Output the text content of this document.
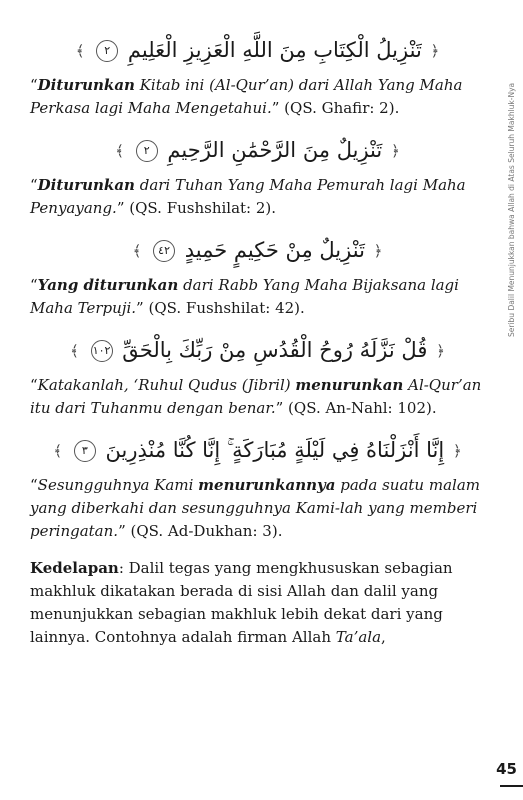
Seribu Dalil Menunjukkan bahwa Allah di Atas Seluruh Makhluk-Nya
﴿ تَنْزِيلُ الْكِتَابِ مِنَ اللَّهِ الْعَزِيزِ الْعَلِيمِ ٢ ﴾

“Diturunkan Kitab ini (Al-Qur’an) dari Allah Yang Maha Perkasa lagi Maha Mengetahui.” (QS. Ghafir: 2).

﴿ تَنْزِيلٌ مِنَ الرَّحْمَٰنِ الرَّحِيمِ ٢ ﴾

“Diturunkan dari Tuhan Yang Maha Pemurah lagi Maha Penyayang.” (QS. Fushshilat: 2).

﴿ تَنْزِيلٌ مِنْ حَكِيمٍ حَمِيدٍ ٤٢ ﴾

“Yang diturunkan dari Rabb Yang Maha Bijaksana lagi Maha Terpuji.” (QS. Fushshilat: 42).

﴿ قُلْ نَزَّلَهُ رُوحُ الْقُدُسِ مِنْ رَبِّكَ بِالْحَقِّ ١٠٢ ﴾

“Katakanlah, ‘Ruhul Qudus (Jibril) menurunkan Al-Qur’an itu dari Tuhanmu dengan benar.” (QS. An-Nahl: 102).

﴿ إِنَّا أَنْزَلْنَاهُ فِي لَيْلَةٍ مُبَارَكَةٍ ۚ إِنَّا كُنَّا مُنْذِرِينَ ٣ ﴾

“Sesungguhnya Kami menurunkannya pada suatu malam yang diberkahi dan sesungguhnya Kami-lah yang memberi peringatan.” (QS. Ad-Dukhan: 3).

Kedelapan: Dalil tegas yang mengkhususkan sebagian makhluk dikatakan berada di sisi Allah dan dalil yang menunjukkan sebagian makhluk lebih dekat dari yang lainnya. Contohnya adalah firman Allah Ta’ala,

45
